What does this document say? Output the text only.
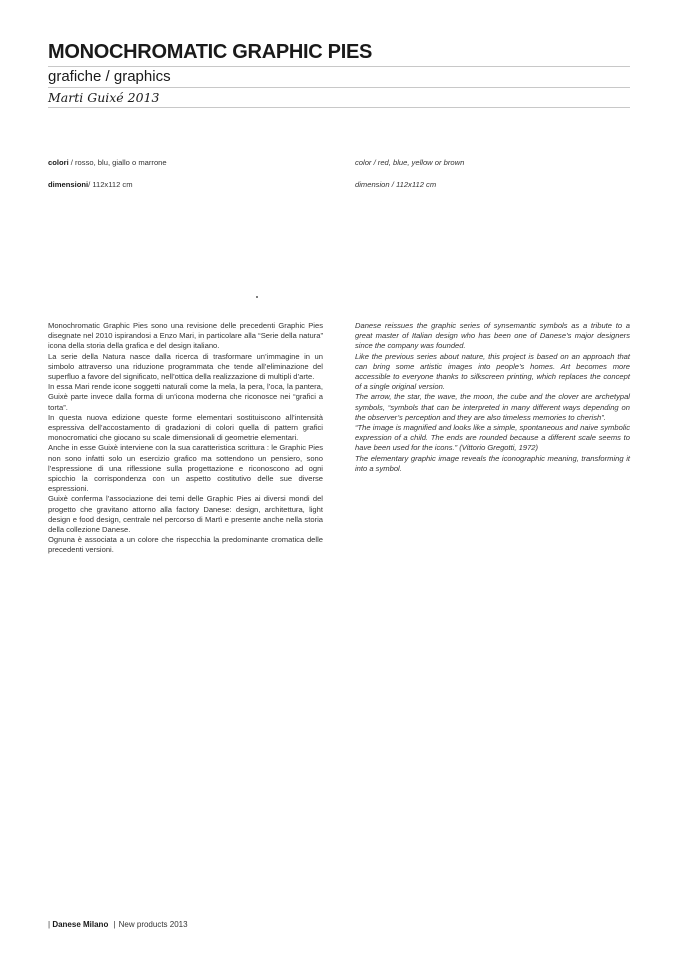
MONOCHROMATIC GRAPHIC PIES
grafiche / graphics
Marti Guixé 2013
colori / rosso, blu, giallo o marrone
dimensioni/ 112x112 cm
color / red, blue, yellow or brown
dimension / 112x112 cm

Monochromatic Graphic Pies sono una revisione delle precedenti Graphic Pies disegnate nel 2010 ispirandosi a Enzo Mari, in particolare alla “Serie della natura” icona della storia della grafica e del design italiano.

La serie della Natura nasce dalla ricerca di trasformare un’immagine in un simbolo attraverso una riduzione programmata che tende all’eliminazione del superfluo a favore del significato, nell’ottica della realizzazione di multipli d’arte.

In essa Mari rende icone soggetti naturali come la mela, la pera, l’oca, la pantera, Guixè parte invece dalla forma di un’icona moderna che riconosce nei “grafici a torta”.

In questa nuova edizione queste forme elementari sostituiscono all’intensità espressiva dell’accostamento di gradazioni di colori quella di pattern grafici monocromatici che giocano su scale dimensionali di geometrie elementari.

Anche in esse Guixè interviene con la sua caratteristica scrittura : le Graphic Pies non sono infatti solo un esercizio grafico ma sottendono un pensiero, sono l’espressione di una riflessione sulla progettazione e riconoscono ad ogni spicchio la corrispondenza con un aspetto costitutivo delle sue diverse espressioni.

Guixè conferma l’associazione dei temi delle Graphic Pies ai diversi mondi del progetto che gravitano attorno alla factory Danese: design, architettura, light design e food design, centrale nel percorso di Martì e presente anche nella storia della collezione Danese.

Ognuna è associata a un colore che rispecchia la predominante cromatica delle precedenti versioni.

Danese reissues the graphic series of synsemantic symbols as a tribute to a great master of Italian design who has been one of Danese’s major designers since the company was founded.

Like the previous series about nature, this project is based on an approach that can bring some artistic images into people’s homes. Art becomes more accessible to everyone thanks to silkscreen printing, which replaces the concept of a single original version.

The arrow, the star, the wave, the moon, the cube and the clover are archetypal symbols, “symbols that can be interpreted in many different ways depending on the observer’s perception and they are also timeless memories to cherish”.

“The image is magnified and looks like a simple, spontaneous and naive symbolic expression of a child. The ends are rounded because a different scale seems to have been used for the icons.” (Vittorio Gregotti, 1972)

The elementary graphic image reveals the iconographic meaning, transforming it into a symbol.

| Danese Milano | New products 2013
